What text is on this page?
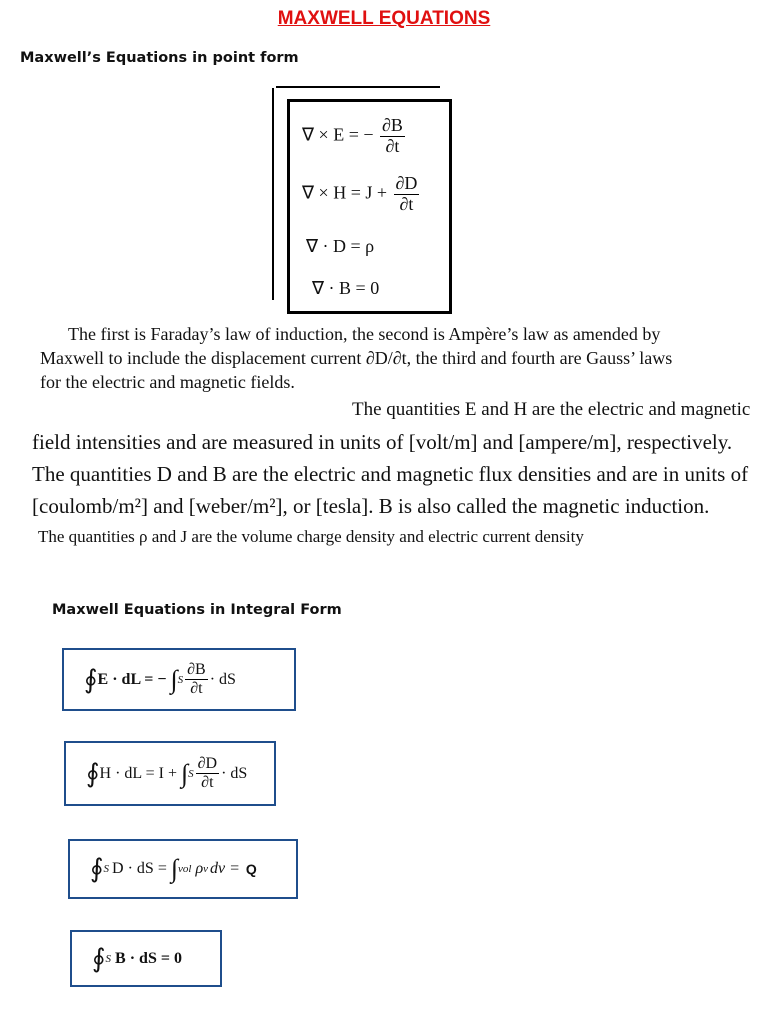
MAXWELL EQUATIONS
Maxwell’s Equations in point form
∇ × E = − $\frac{\partial B}{\partial t}$
∇ × $H = J + \frac{\partial D}{\partial t}$
∇ · D = ρ
∇ · B = 0
The first is Faraday’s law of induction, the second is Ampère’s law as amended by
Maxwell to include the displacement current ∂D/∂t, the third and fourth are Gauss’ laws
for the electric and magnetic fields.
The quantities E and H are the electric and magnetic
field intensities and are measured in units of [volt/m] and [ampere/m], respectively.
The quantities D and B are the electric and magnetic flux densities and are in units of
[coulomb/m²] and [weber/m²], or [tesla]. B is also called the magnetic induction.
The quantities ρ and J are the volume charge density and electric current density
Maxwell Equations in Integral Form
∮ E · dL = − ∫ S $\frac{\partial B}{\partial t}$ · dS
∮ H · dL = I + ∫ S $\frac{\partial D}{\partial t}$ · dS
∮ S D · dS = ∫ vol ρ v dv = Q
∮ S B · dS = 0
